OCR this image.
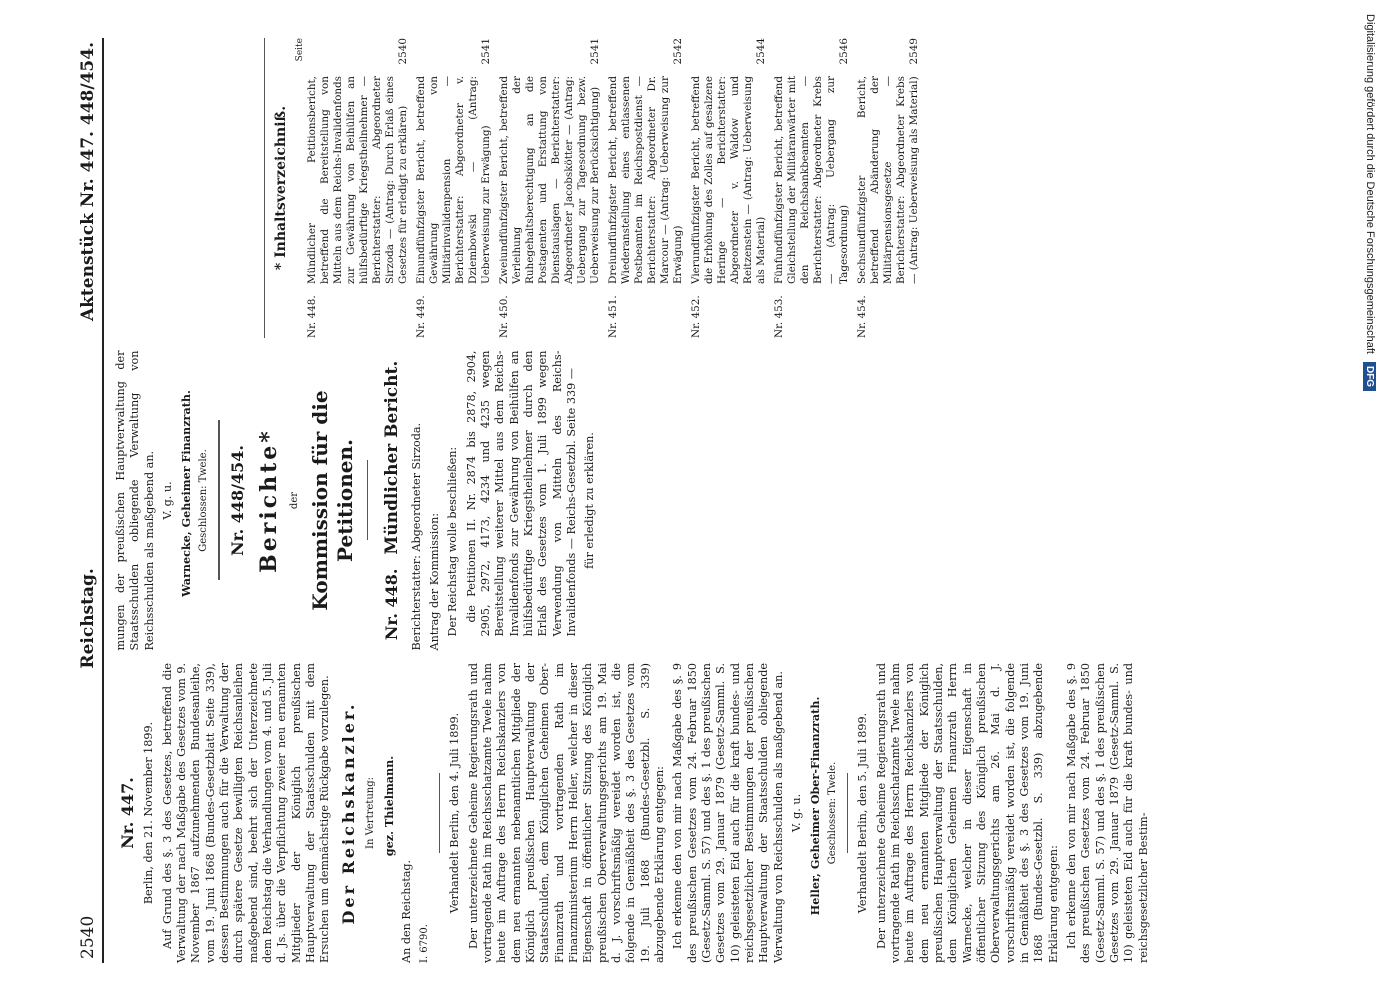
2540
Reichstag.
Aktenstück Nr. 447. 448/454.
Nr. 447. Berlin, den 21. November 1899. Auf Grund des §. 3 des Gesetzes, betreffend die Verwaltung der nach Maßgabe des Gesetzes vom 9. November 1867 aufzunehmenden Bundesanleihe, vom 19. Juni 1868 (Bundes-Gesetzblatt Seite 339), dessen Bestimmungen auch für die Verwaltung der durch spätere Gesetze bewilligten Reichsanleihen maßgebend sind, beehrt sich der Unterzeichnete dem Reichstag die Verhandlungen vom 4. und 5. Juli d. Js. über die Verpflichtung zweier neu ernannten Mitglieder der Königlich preußischen Hauptverwaltung der Staatsschulden mit dem Ersuchen um demnächstige Rückgabe vorzulegen. Der Reichskanzler. In Vertretung: gez. Thielmann.

An den Reichstag. I. 6790.

Verhandelt Berlin, den 4. Juli 1899. Der unterzeichnete Geheime Regierungsrath und vortragende Rath im Reichsschatzamte Twele nahm heute im Auftrage des Herrn Reichskanzlers von dem neu ernannten nebenamtlichen Mitgliede der Königlich preußischen Hauptverwaltung der Staatsschulden, dem Königlichen Geheimen Ober-Finanzrath und vortragenden Rath im Finanzministerium Herrn Heller, welcher in dieser Eigenschaft in öffentlicher Sitzung des Königlich preußischen Oberverwaltungsgerichts am 19. Mai d. J. vorschriftsmäßig vereidet worden ist, die folgende in Gemäßheit des §. 3 des Gesetzes vom 19. Juli 1868 (Bundes-Gesetzbl. S. 339) abzugebende Erklärung entgegen: Ich erkenne den von mir nach Maßgabe des §. 9 des preußischen Gesetzes vom 24. Februar 1850 (Gesetz-Samml. S. 57) und des §. 1 des preußischen Gesetzes vom 29. Januar 1879 (Gesetz-Samml. S. 10) geleisteten Eid auch für die kraft bundes- und reichsgesetzlicher Bestimmungen der preußischen Hauptverwaltung der Staatsschulden obliegende Verwaltung von Reichsschulden als maßgebend an. V. g. u. Heller, Geheimer Ober-Finanzrath. Geschlossen: Twele. Verhandelt Berlin, den 5. Juli 1899. Der unterzeichnete Geheime Regierungsrath und vortragende Rath im Reichsschatzamte Twele nahm heute im Auftrage des Herrn Reichskanzlers von dem neu ernannten Mitgliede der Königlich preußischen Hauptverwaltung der Staatsschulden, dem Königlichen Geheimen Finanzrath Herrn Warnecke, welcher in dieser Eigenschaft in öffentlicher Sitzung des Königlich preußischen Oberverwaltungsgerichts am 26. Mai d. J. vorschriftsmäßig vereidet worden ist, die folgende in Gemäßheit des §. 3 des Gesetzes vom 19. Juni 1868 (Bundes-Gesetzbl. S. 339) abzugebende Erklärung entgegen: Ich erkenne den von mir nach Maßgabe des §. 9 des preußischen Gesetzes vom 24. Februar 1850 (Gesetz-Samml. S. 57) und des §. 1 des preußischen Gesetzes vom 29. Januar 1879 (Gesetz-Samml. S. 10) geleisteten Eid auch für die kraft bundes- und reichsgesetzlicher Bestim-

mungen der preußischen Hauptverwaltung der Staatsschulden obliegende Verwaltung von Reichsschulden als maßgebend an. V. g. u. Warnecke, Geheimer Finanzrath. Geschlossen: Twele. Nr. 448/454. Berichte* der Kommission für die Petitionen.
Nr. 448.
Mündlicher Bericht. Berichterstatter: Abgeordneter Sirzoda. Antrag der Kommission: Der Reichstag wolle beschließen: die Petitionen II. Nr. 2874 bis 2878, 2904, 2905, 2972, 4173, 4234 und 4235 wegen Bereitstellung weiterer Mittel aus dem Reichs-Invalidenfonds zur Gewährung von Beihülfen an hülfsbedürftige Kriegstheilnehmer durch den Erlaß des Gesetzes vom 1. Juli 1899 wegen Verwendung von Mitteln des Reichs-Invalidenfonds — Reichs-Gesetzbl. Seite 339 — für erledigt zu erklären.

* Inhaltsverzeichniß.
Seite
Nr. 448.
Mündlicher Petitionsbericht, betreffend die Bereitstellung von Mitteln aus dem Reichs-Invalidenfonds zur Gewährung von Beihülfen an hülfsbedürftige Kriegstheilnehmer — Berichterstatter: Abgeordneter Sirzoda — (Antrag: Durch Erlaß eines Gesetzes für erledigt zu erklären)
2540
Nr. 449.
Einundfünfzigster Bericht, betreffend Gewährung von Militärinvalidenpension — Berichterstatter: Abgeordneter v. Dziembowski — (Antrag: Ueberweisung zur Erwägung)
2541
Nr. 450.
Zweiundfünfzigster Bericht, betreffend Verleihung der Ruhegehaltsberechtigung an die Postagenten und Erstattung von Dienstauslagen — Berichterstatter: Abgeordneter Jacobskötter — (Antrag: Uebergang zur Tagesordnung bezw. Ueberweisung zur Berücksichtigung)
2541
Nr. 451.
Dreiundfünfzigster Bericht, betreffend Wiederanstellung eines entlassenen Postbeamten im Reichspostdienst — Berichterstatter: Abgeordneter Dr. Marcour — (Antrag: Ueberweisung zur Erwägung)
2542
Nr. 452.
Vierundfünfzigster Bericht, betreffend die Erhöhung des Zolles auf gesalzene Heringe — Berichterstatter: Abgeordneter v. Waldow und Reitzenstein — (Antrag: Ueberweisung als Material)
2544
Nr. 453.
Fünfundfünfzigster Bericht, betreffend Gleichstellung der Militäranwärter mit den Reichsbankbeamten — Berichterstatter: Abgeordneter Krebs — (Antrag: Uebergang zur Tagesordnung)
2546
Nr. 454.
Sechsundfünfzigster Bericht, betreffend Abänderung der Militärpensionsgesetze — Berichterstatter: Abgeordneter Krebs — (Antrag: Ueberweisung als Material)
2549	Digitalisierung gefördert durch die Deutsche Forschungsgemeinschaft
DFG
